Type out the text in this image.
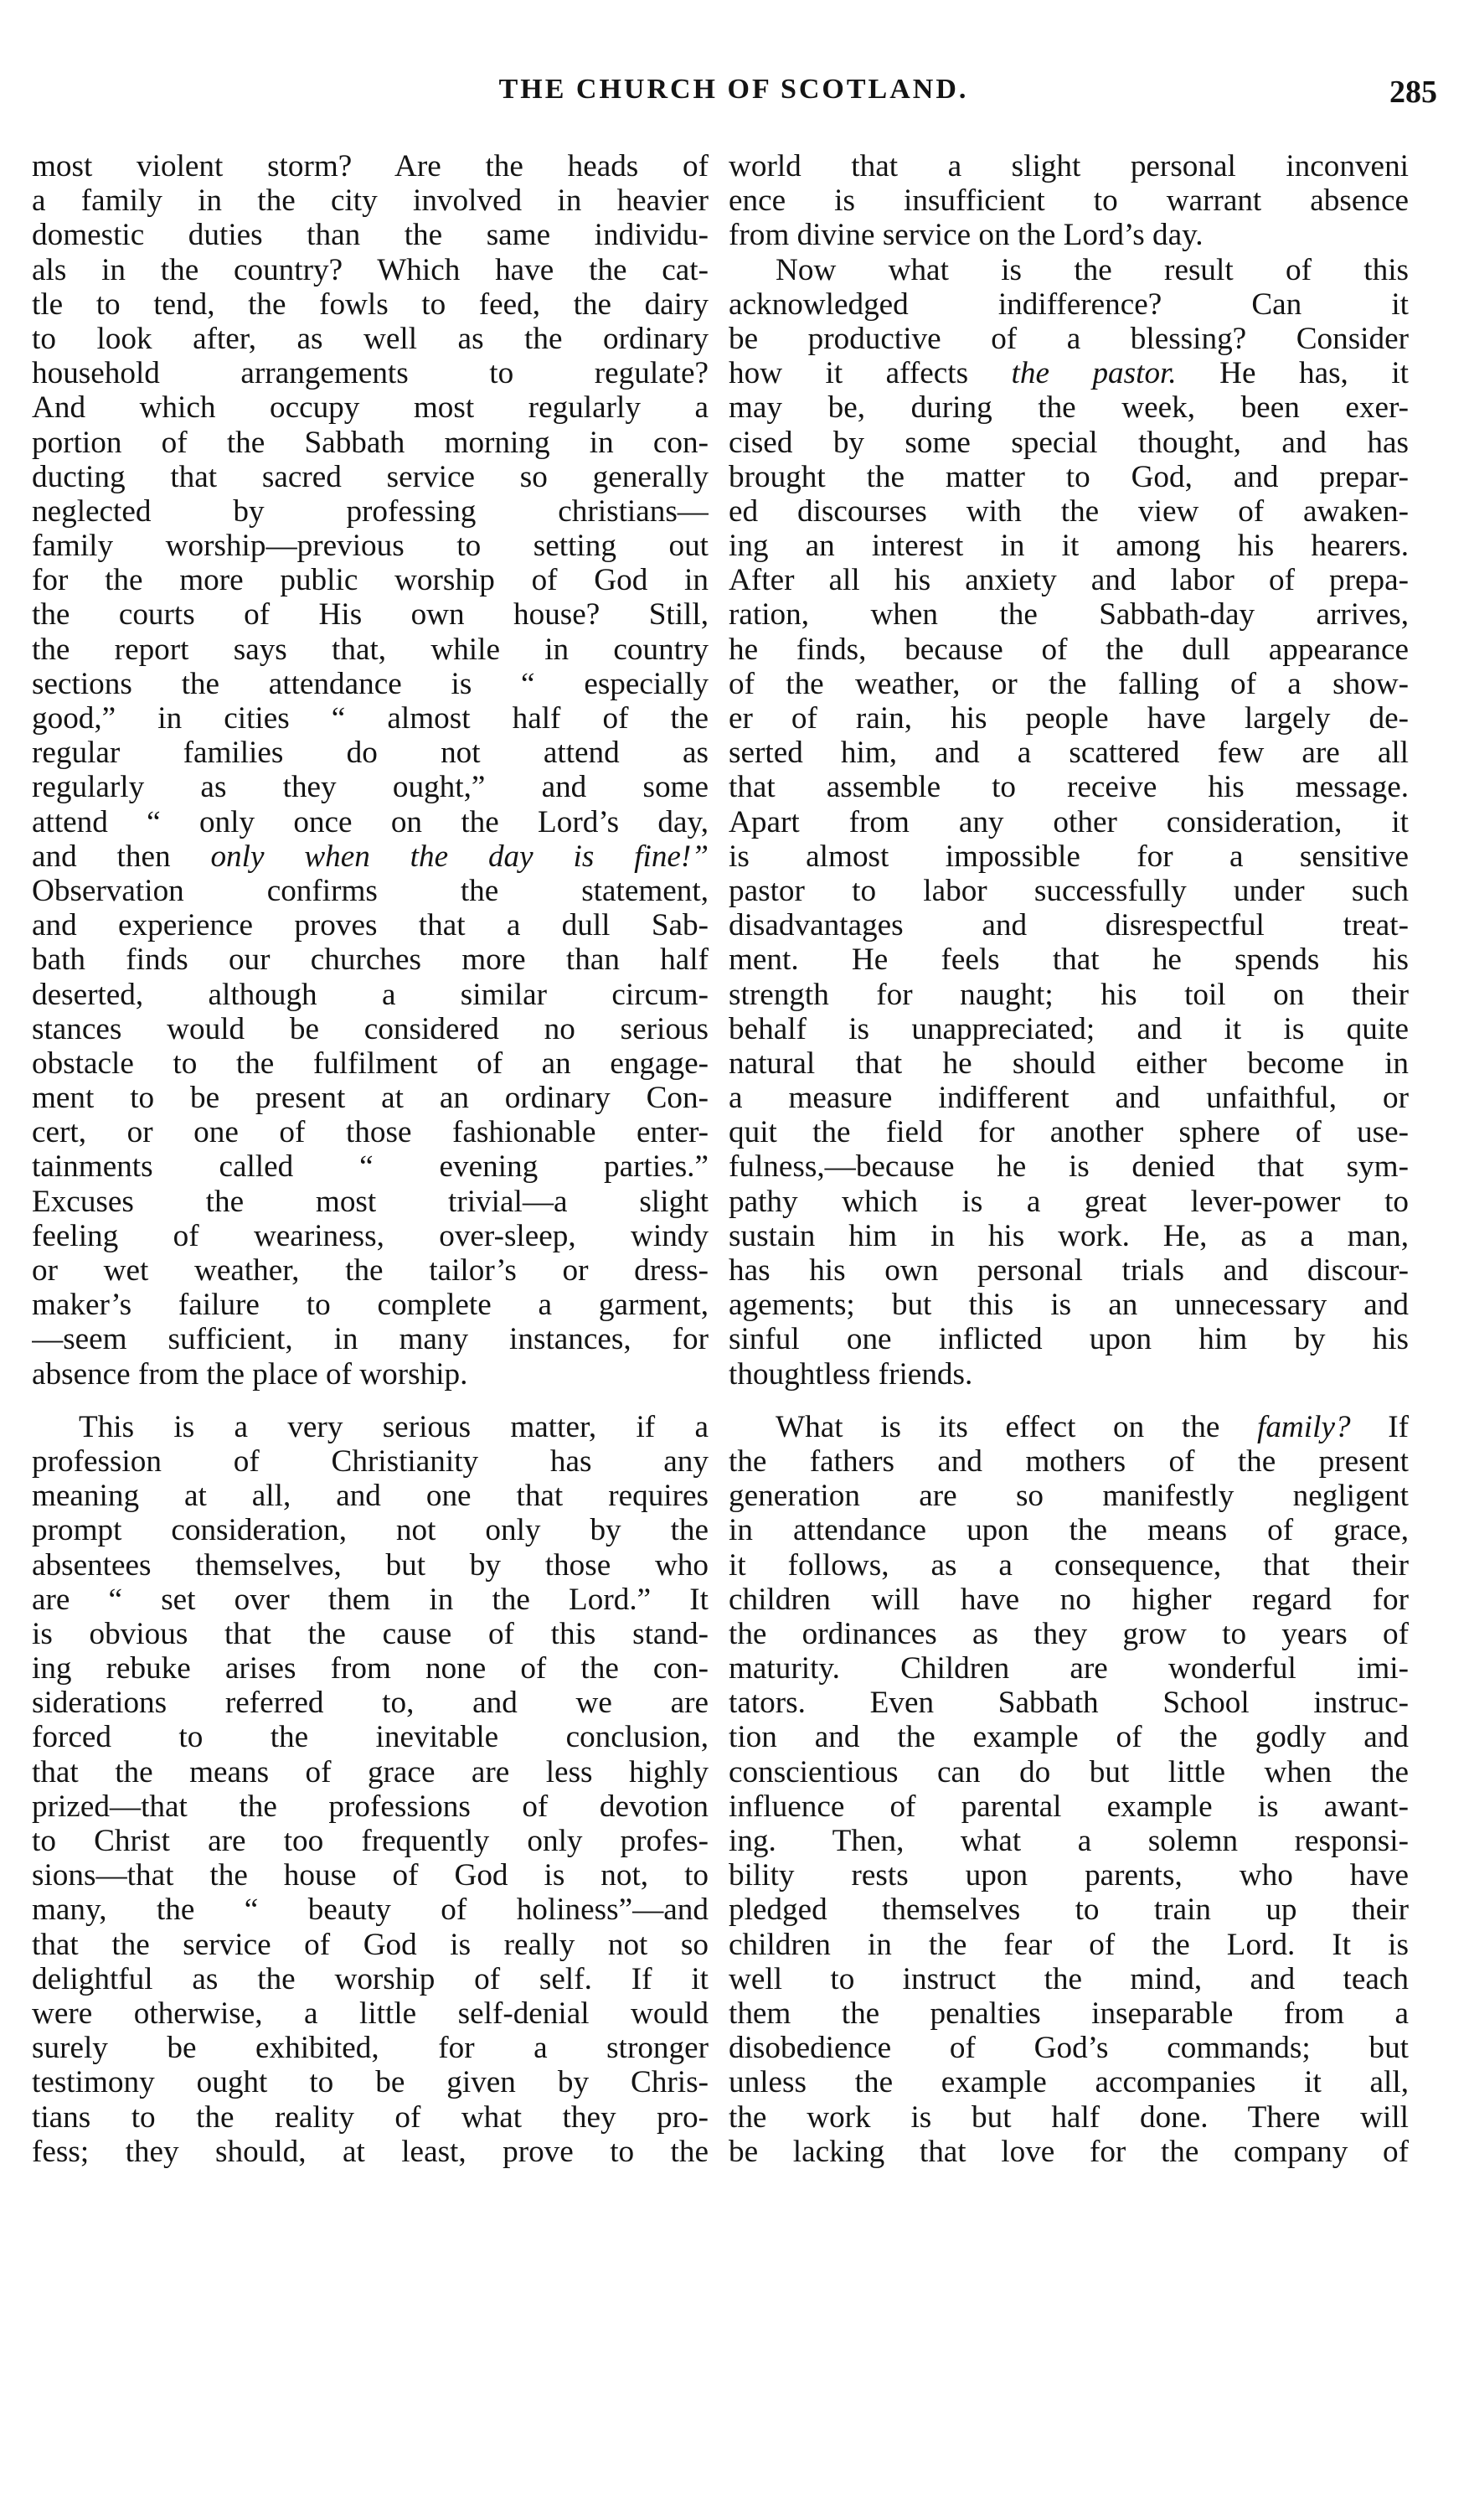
THE CHURCH OF SCOTLAND.	285
most violent storm? Are the heads of
a family in the city involved in heavier
domestic duties than the same individu-
als in the country? Which have the cat-
tle to tend, the fowls to feed, the dairy
to look after, as well as the ordinary
household arrangements to regulate?
And which occupy most regularly a
portion of the Sabbath morning in con-
ducting that sacred service so generally
neglected by professing christians—
family worship—previous to setting out
for the more public worship of God in
the courts of His own house? Still,
the report says that, while in country
sections the attendance is “ especially
good,” in cities “ almost half of the
regular families do not attend as
regularly as they ought,” and some
attend “ only once on the Lord’s day,
and then only when the day is fine!”
Observation confirms the statement,
and experience proves that a dull Sab-
bath finds our churches more than half
deserted, although a similar circum-
stances would be considered no serious
obstacle to the fulfilment of an engage-
ment to be present at an ordinary Con-
cert, or one of those fashionable enter-
tainments called “ evening parties.”
Excuses the most trivial—a slight
feeling of weariness, over-sleep, windy
or wet weather, the tailor’s or dress-
maker’s failure to complete a garment,
—seem sufficient, in many instances, for
absence from the place of worship.
This is a very serious matter, if a
profession of Christianity has any
meaning at all, and one that requires
prompt consideration, not only by the
absentees themselves, but by those who
are “ set over them in the Lord.” It
is obvious that the cause of this stand-
ing rebuke arises from none of the con-
siderations referred to, and we are
forced to the inevitable conclusion,
that the means of grace are less highly
prized—that the professions of devotion
to Christ are too frequently only profes-
sions—that the house of God is not, to
many, the “ beauty of holiness”—and
that the service of God is really not so
delightful as the worship of self. If it
were otherwise, a little self-denial would
surely be exhibited, for a stronger
testimony ought to be given by Chris-
tians to the reality of what they pro-
fess; they should, at least, prove to the
world that a slight personal inconveni
ence is insufficient to warrant absence
from divine service on the Lord’s day.
Now what is the result of this
acknowledged indifference? Can it
be productive of a blessing? Consider
how it affects the pastor. He has, it
may be, during the week, been exer-
cised by some special thought, and has
brought the matter to God, and prepar-
ed discourses with the view of awaken-
ing an interest in it among his hearers.
After all his anxiety and labor of prepa-
ration, when the Sabbath-day arrives,
he finds, because of the dull appearance
of the weather, or the falling of a show-
er of rain, his people have largely de-
serted him, and a scattered few are all
that assemble to receive his message.
Apart from any other consideration, it
is almost impossible for a sensitive
pastor to labor successfully under such
disadvantages and disrespectful treat-
ment. He feels that he spends his
strength for naught; his toil on their
behalf is unappreciated; and it is quite
natural that he should either become in
a measure indifferent and unfaithful, or
quit the field for another sphere of use-
fulness,—because he is denied that sym-
pathy which is a great lever-power to
sustain him in his work. He, as a man,
has his own personal trials and discour-
agements; but this is an unnecessary and
sinful one inflicted upon him by his
thoughtless friends.
What is its effect on the family? If
the fathers and mothers of the present
generation are so manifestly negligent
in attendance upon the means of grace,
it follows, as a consequence, that their
children will have no higher regard for
the ordinances as they grow to years of
maturity. Children are wonderful imi-
tators. Even Sabbath School instruc-
tion and the example of the godly and
conscientious can do but little when the
influence of parental example is awant-
ing. Then, what a solemn responsi-
bility rests upon parents, who have
pledged themselves to train up their
children in the fear of the Lord. It is
well to instruct the mind, and teach
them the penalties inseparable from a
disobedience of God’s commands; but
unless the example accompanies it all,
the work is but half done. There will
be lacking that love for the company of
